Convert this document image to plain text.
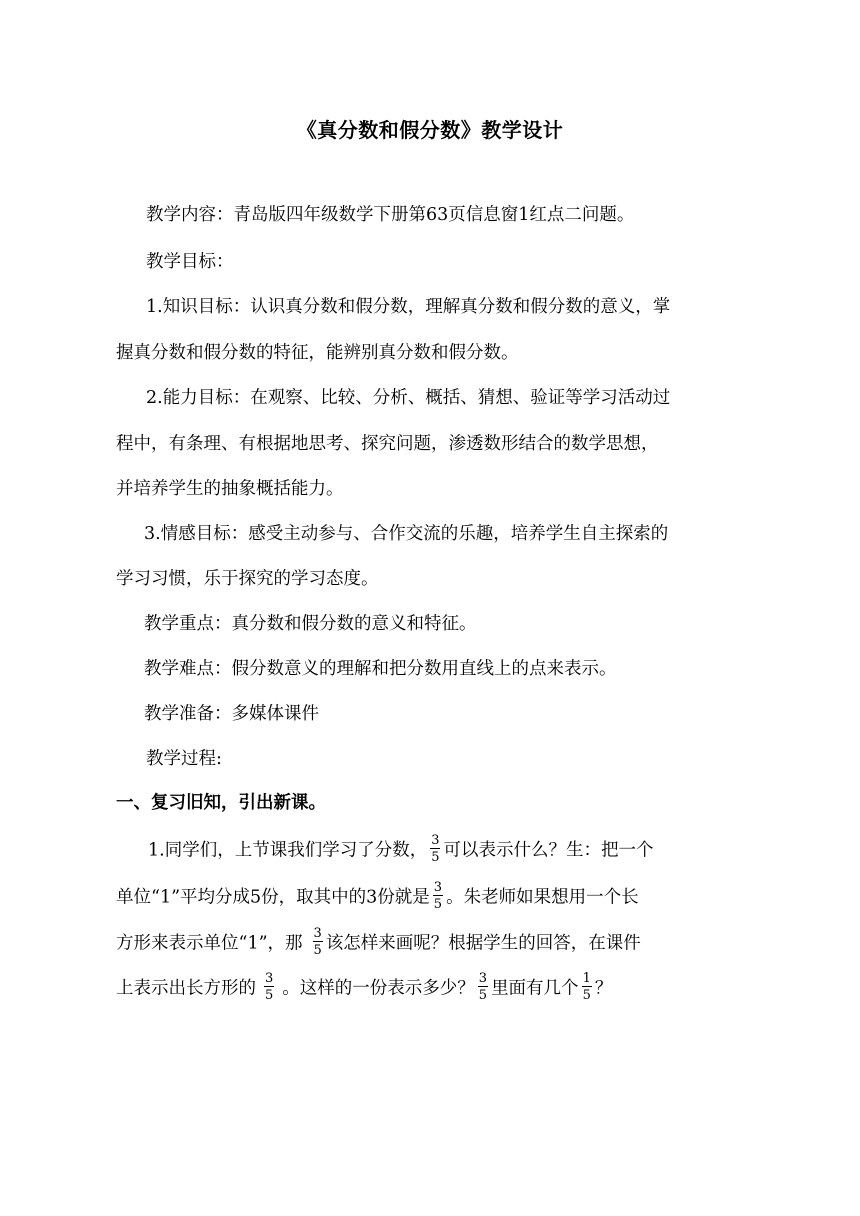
《真分数和假分数》教学设计
教学内容：青岛版四年级数学下册第63页信息窗1红点二问题。
教学目标：
1.知识目标：认识真分数和假分数，理解真分数和假分数的意义，掌
握真分数和假分数的特征，能辨别真分数和假分数。
2.能力目标：在观察、比较、分析、概括、猜想、验证等学习活动过
程中，有条理、有根据地思考、探究问题，渗透数形结合的数学思想，
并培养学生的抽象概括能力。
3.情感目标：感受主动参与、合作交流的乐趣，培养学生自主探索的
学习习惯，乐于探究的学习态度。
教学重点：真分数和假分数的意义和特征。
教学难点：假分数意义的理解和把分数用直线上的点来表示。
教学准备：多媒体课件
教学过程:
一、复习旧知，引出新课。
1.同学们，上节课我们学习了分数， $\frac{3}{5}$ 可以表示什么？生：把一个
单位“1”平均分成5份，取其中的3份就是 $\frac{3}{5}$ 。朱老师如果想用一个长
方形来表示单位“1”，那 $\frac{3}{5}$ 该怎样来画呢？根据学生的回答，在课件
上表示出长方形的 $\frac{3}{5}$ 。这样的一份表示多少？ $\frac{3}{5}$ 里面有几个 $\frac{1}{5}$ ？
